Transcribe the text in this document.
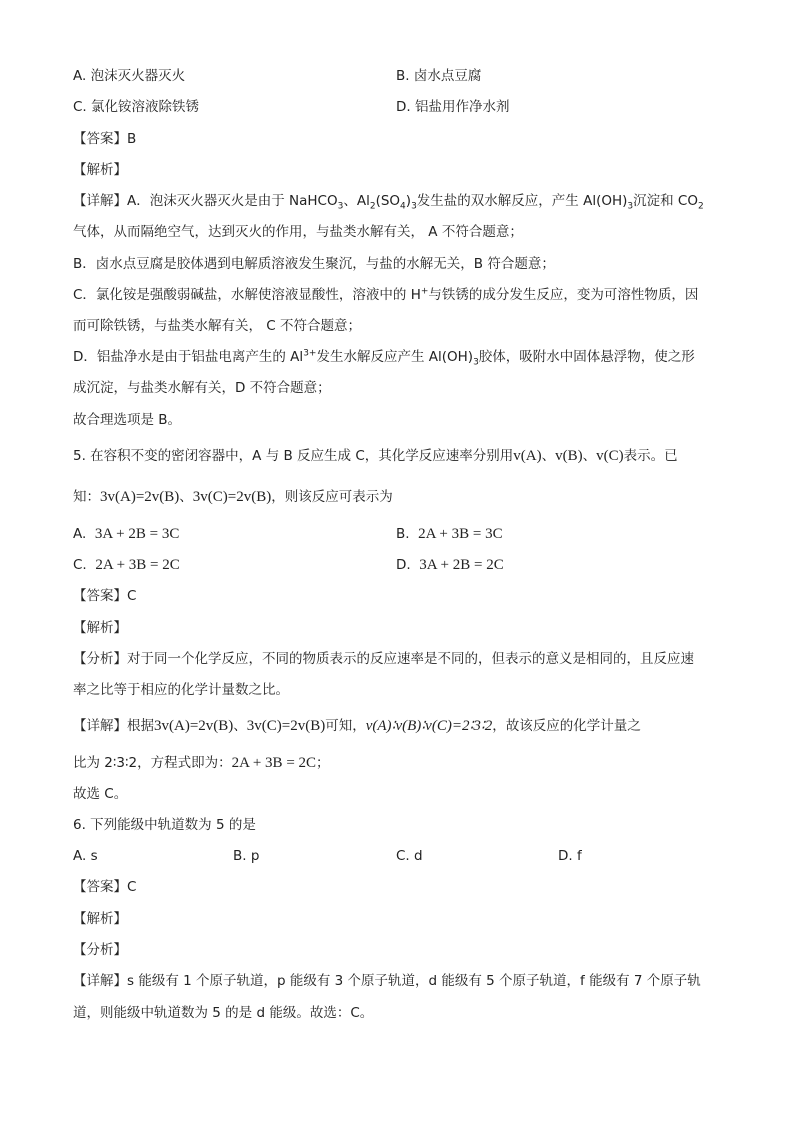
A. 泡沫灭火器灭火	B. 卤水点豆腐
C. 氯化铵溶液除铁锈	D. 铝盐用作净水剂
【答案】B
【解析】
【详解】A．泡沫灭火器灭火是由于 NaHCO$_3$、$Al_2(SO_4)_3$发生盐的双水解反应，产生 $Al(OH)_3$沉淀和 $CO_2$
气体，从而隔绝空气，达到灭火的作用，与盐类水解有关， A 不符合题意；
B．卤水点豆腐是胶体遇到电解质溶液发生聚沉，与盐的水解无关，B 符合题意；
C．氯化铵是强酸弱碱盐，水解使溶液显酸性，溶液中的 H+与铁锈的成分发生反应，变为可溶性物质，因
而可除铁锈，与盐类水解有关， C 不符合题意；
D．铝盐净水是由于铝盐电离产生的 $Al^{3+}$发生水解反应产生 $Al(OH)_3$胶体，吸附水中固体悬浮物，使之形
成沉淀，与盐类水解有关，D 不符合题意；
故合理选项是 B。
5. 在容积不变的密闭容器中，A 与 B 反应生成 C，其化学反应速率分别用v(A)、v(B)、v(C)表示。已
知：3v(A)=2v(B)、3v(C)=2v(B)，则该反应可表示为
A. 3A + 2B = 3C	B. 2A + 3B = 3C
C. 2A + 3B = 2C	D. 3A + 2B = 2C
【答案】C
【解析】
【分析】对于同一个化学反应，不同的物质表示的反应速率是不同的，但表示的意义是相同的，且反应速
率之比等于相应的化学计量数之比。
【详解】根据3v(A)=2v(B)、3v(C)=2v(B)可知，v(A)∶v(B)∶v(C)=2∶3∶2，故该反应的化学计量之
比为 2∶3∶2，方程式即为：2A + 3B = 2C；
故选 C。
6. 下列能级中轨道数为 5 的是
A. s	B. p	C. d	D. f
【答案】C
【解析】
【分析】
【详解】s 能级有 1 个原子轨道，p 能级有 3 个原子轨道，d 能级有 5 个原子轨道，f 能级有 7 个原子轨
道，则能级中轨道数为 5 的是 d 能级。故选：C。
